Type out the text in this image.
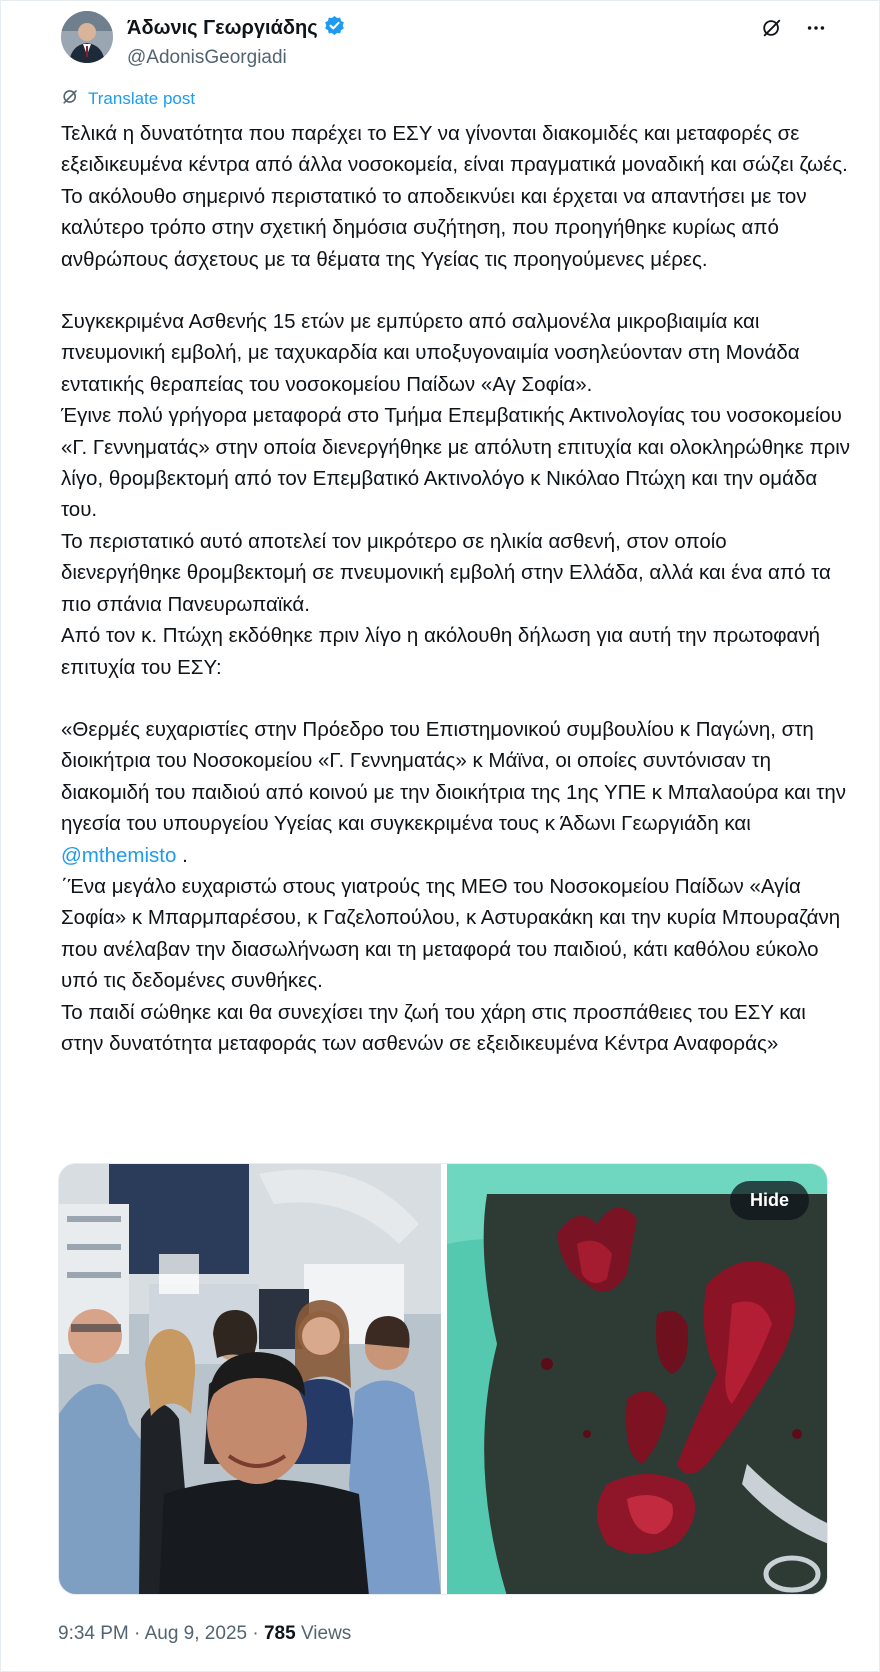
Άδωνις Γεωργιάδης
@AdonisGeorgiadi
Translate post

Τελικά η δυνατότητα που παρέχει το ΕΣΥ να γίνονται διακομιδές και μεταφορές σε εξειδικευμένα κέντρα από άλλα νοσοκομεία, είναι πραγματικά μοναδική και σώζει ζωές. Το ακόλουθο σημερινό περιστατικό το αποδεικνύει και έρχεται να απαντήσει με τον καλύτερο τρόπο στην σχετική δημόσια συζήτηση, που προηγήθηκε κυρίως από ανθρώπους άσχετους με τα θέματα της Υγείας τις προηγούμενες μέρες.

Συγκεκριμένα Ασθενής 15 ετών με εμπύρετο από σαλμονέλα μικροβιαιμία και πνευμονική εμβολή, με ταχυκαρδία και υποξυγοναιμία νοσηλεύονταν στη Μονάδα εντατικής θεραπείας του νοσοκομείου Παίδων «Αγ Σοφία».
Έγινε πολύ γρήγορα μεταφορά στο Τμήμα Επεμβατικής Ακτινολογίας του νοσοκομείου «Γ. Γεννηματάς» στην οποία διενεργήθηκε με απόλυτη επιτυχία και ολοκληρώθηκε πριν λίγο, θρομβεκτομή από τον Επεμβατικό Ακτινολόγο κ Νικόλαο Πτώχη και την ομάδα του.
Το περιστατικό αυτό αποτελεί τον μικρότερο σε ηλικία ασθενή, στον οποίο διενεργήθηκε θρομβεκτομή σε πνευμονική εμβολή στην Ελλάδα, αλλά και ένα από τα πιο σπάνια Πανευρωπαϊκά.
Από τον κ. Πτώχη εκδόθηκε πριν λίγο η ακόλουθη δήλωση για αυτή την πρωτοφανή επιτυχία του ΕΣΥ:

«Θερμές ευχαριστίες στην Πρόεδρο του Επιστημονικού συμβουλίου κ Παγώνη, στη διοικήτρια του Νοσοκομείου «Γ. Γεννηματάς» κ Μάϊνα, οι οποίες συντόνισαν τη διακομιδή του παιδιού από κοινού με την διοικήτρια της 1ης ΥΠΕ κ Μπαλαούρα και την ηγεσία του υπουργείου Υγείας και συγκεκριμένα τους κ Άδωνι Γεωργιάδη και @mthemisto .
΄Ένα μεγάλο ευχαριστώ στους γιατρούς της ΜΕΘ του Νοσοκομείου Παίδων «Αγία Σοφία» κ Μπαρμπαρέσου, κ Γαζελοπούλου, κ Αστυρακάκη και την κυρία Μπουραζάνη που ανέλαβαν την διασωλήνωση και τη μεταφορά του παιδιού, κάτι καθόλου εύκολο υπό τις δεδομένες συνθήκες.
Το παιδί σώθηκε και θα συνεχίσει την ζωή του χάρη στις προσπάθειες του ΕΣΥ και στην δυνατότητα μεταφοράς των ασθενών σε εξειδικευμένα Κέντρα Αναφοράς»

Hide
9:34 PM · Aug 9, 2025 · 785 Views
